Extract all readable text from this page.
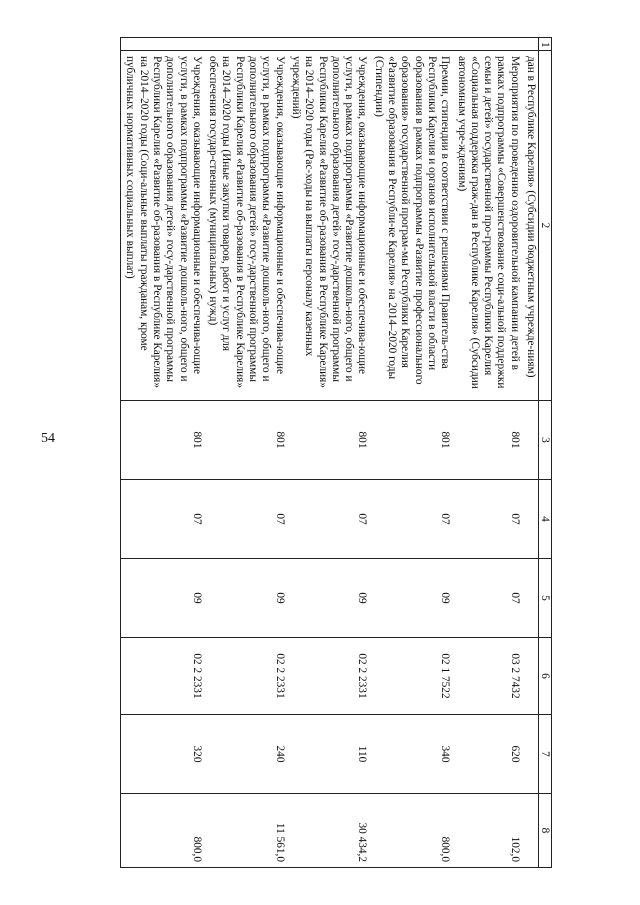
54
1	2	3	4	5	6	7	8
	дан в Республике Карелия» (Субсидии бюджетным учрежде-ниям)						
	Мероприятия по проведению оздоровительной кампании детей в рамках подпрограммы «Совершенствование соци-альной поддержки семьи и детей» государственной про-граммы Республики Карелия «Социальная поддержка граж-дан в Республике Карелия» (Субсидии автономным учре-ждениям)	801	07	07	03 2 7432	620	102,0
	Премии, стипендии в соответствии с решениями Правитель-ства Республики Карелия и органов исполнительной власти в области образования в рамках подпрограммы «Развитие профессионального образования» государственной програм-мы Республики Карелия «Развитие образования в Республи-ке Карелия» на 2014–2020 годы (Стипендии)	801	07	09	02 1 7522	340	800,0
	Учреждения, оказывающие информационные и обеспечива-ющие услуги, в рамках подпрограммы «Развитие дошколь-ного, общего и дополнительного образования детей» госу-дарственной программы Республики Карелия «Развитие об-разования в Республике Карелия» на 2014–2020 годы (Рас-ходы на выплаты персоналу казенных учреждений)	801	07	09	02 2 2331	110	30 434,2
	Учреждения, оказывающие информационные и обеспечива-ющие услуги, в рамках подпрограммы «Развитие дошколь-ного, общего и дополнительного образования детей» госу-дарственной программы Республики Карелия «Развитие об-разования в Республике Карелия» на 2014–2020 годы (Иные закупки товаров, работ и услуг для обеспечения государ-ственных (муниципальных) нужд)	801	07	09	02 2 2331	240	11 561,0
	Учреждения, оказывающие информационные и обеспечива-ющие услуги, в рамках подпрограммы «Развитие дошколь-ного, общего и дополнительного образования детей» госу-дарственной программы Республики Карелия «Развитие об-разования в Республике Карелия» на 2014–2020 годы (Соци-альные выплаты гражданам, кроме публичных нормативных социальных выплат)	801	07	09	02 2 2331	320	800,0
